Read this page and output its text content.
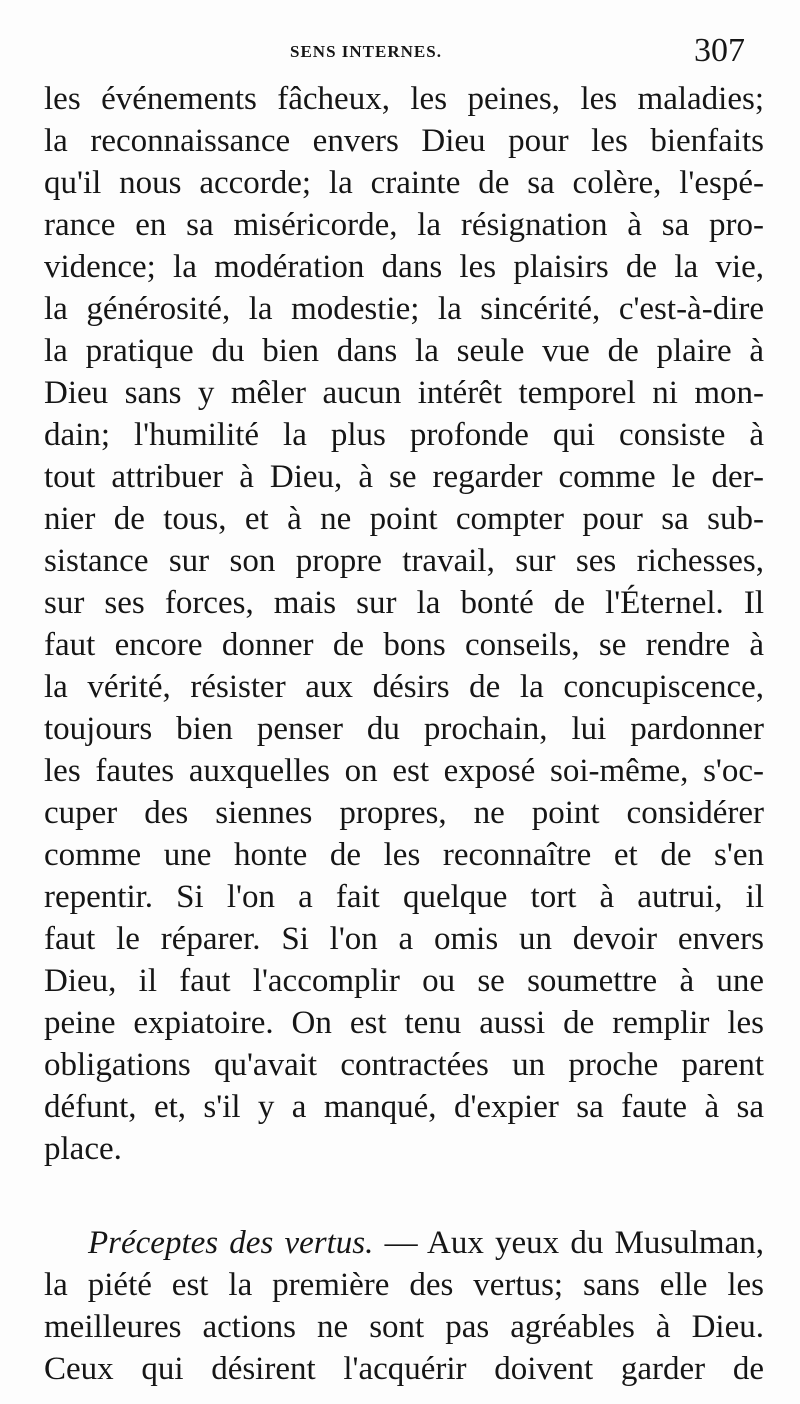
SENS INTERNES.	307
les événements fâcheux, les peines, les maladies;
la reconnaissance envers Dieu pour les bienfaits
qu'il nous accorde; la crainte de sa colère, l'espé-
rance en sa miséricorde, la résignation à sa pro-
vidence; la modération dans les plaisirs de la vie,
la générosité, la modestie; la sincérité, c'est-à-dire
la pratique du bien dans la seule vue de plaire à
Dieu sans y mêler aucun intérêt temporel ni mon-
dain; l'humilité la plus profonde qui consiste à
tout attribuer à Dieu, à se regarder comme le der-
nier de tous, et à ne point compter pour sa sub-
sistance sur son propre travail, sur ses richesses,
sur ses forces, mais sur la bonté de l'Éternel. Il
faut encore donner de bons conseils, se rendre à
la vérité, résister aux désirs de la concupiscence,
toujours bien penser du prochain, lui pardonner
les fautes auxquelles on est exposé soi-même, s'oc-
cuper des siennes propres, ne point considérer
comme une honte de les reconnaître et de s'en
repentir. Si l'on a fait quelque tort à autrui, il
faut le réparer. Si l'on a omis un devoir envers
Dieu, il faut l'accomplir ou se soumettre à une
peine expiatoire. On est tenu aussi de remplir les
obligations qu'avait contractées un proche parent
défunt, et, s'il y a manqué, d'expier sa faute à sa
place.
Préceptes des vertus. — Aux yeux du Musulman,
la piété est la première des vertus; sans elle les
meilleures actions ne sont pas agréables à Dieu.
Ceux qui désirent l'acquérir doivent garder de
